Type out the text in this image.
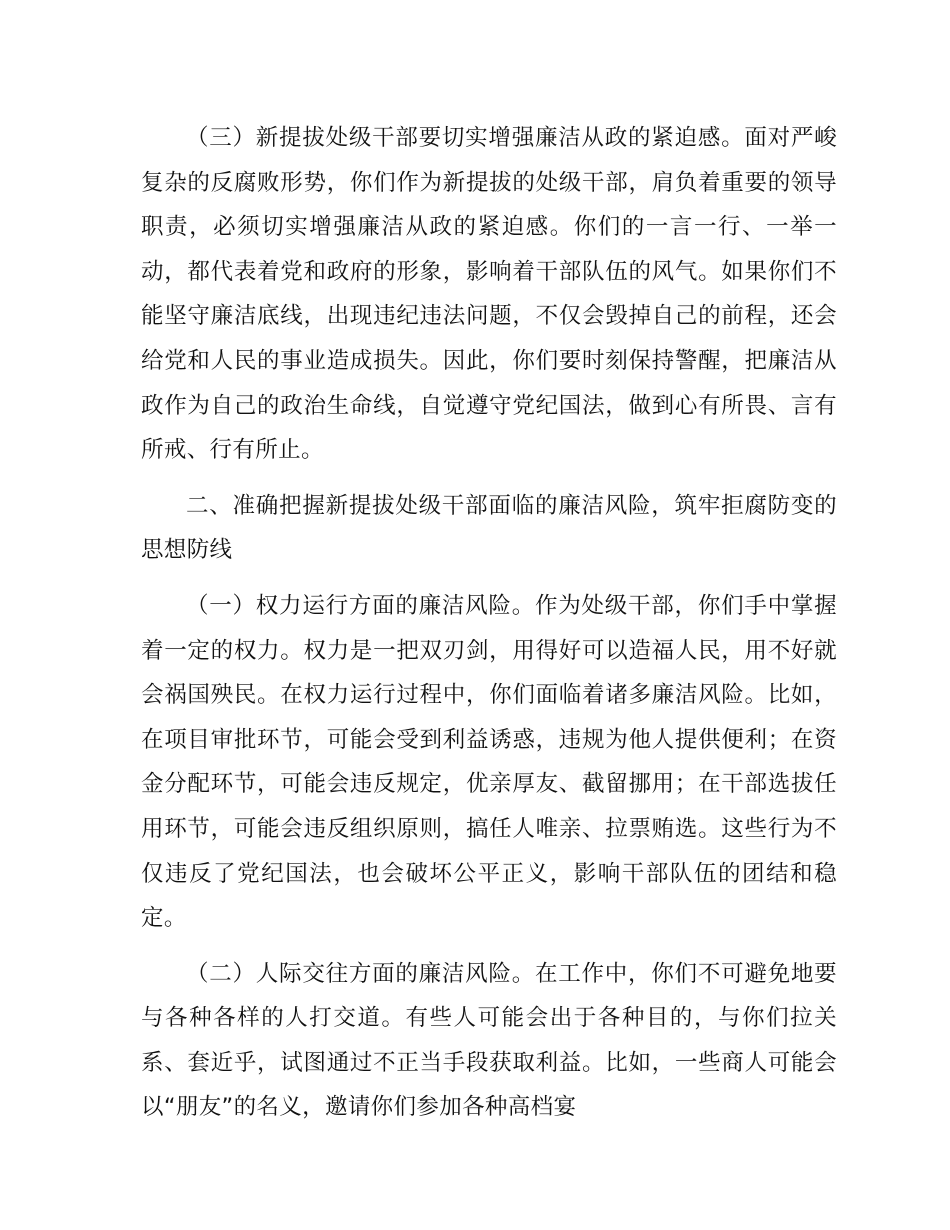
（三）新提拔处级干部要切实增强廉洁从政的紧迫感。面对严峻复杂的反腐败形势，你们作为新提拔的处级干部，肩负着重要的领导职责，必须切实增强廉洁从政的紧迫感。你们的一言一行、一举一动，都代表着党和政府的形象，影响着干部队伍的风气。如果你们不能坚守廉洁底线，出现违纪违法问题，不仅会毁掉自己的前程，还会给党和人民的事业造成损失。因此，你们要时刻保持警醒，把廉洁从政作为自己的政治生命线，自觉遵守党纪国法，做到心有所畏、言有所戒、行有所止。

二、准确把握新提拔处级干部面临的廉洁风险，筑牢拒腐防变的思想防线

（一）权力运行方面的廉洁风险。作为处级干部，你们手中掌握着一定的权力。权力是一把双刃剑，用得好可以造福人民，用不好就会祸国殃民。在权力运行过程中，你们面临着诸多廉洁风险。比如，在项目审批环节，可能会受到利益诱惑，违规为他人提供便利；在资金分配环节，可能会违反规定，优亲厚友、截留挪用；在干部选拔任用环节，可能会违反组织原则，搞任人唯亲、拉票贿选。这些行为不仅违反了党纪国法，也会破坏公平正义，影响干部队伍的团结和稳定。

（二）人际交往方面的廉洁风险。在工作中，你们不可避免地要与各种各样的人打交道。有些人可能会出于各种目的，与你们拉关系、套近乎，试图通过不正当手段获取利益。比如，一些商人可能会以“朋友”的名义，邀请你们参加各种高档宴
